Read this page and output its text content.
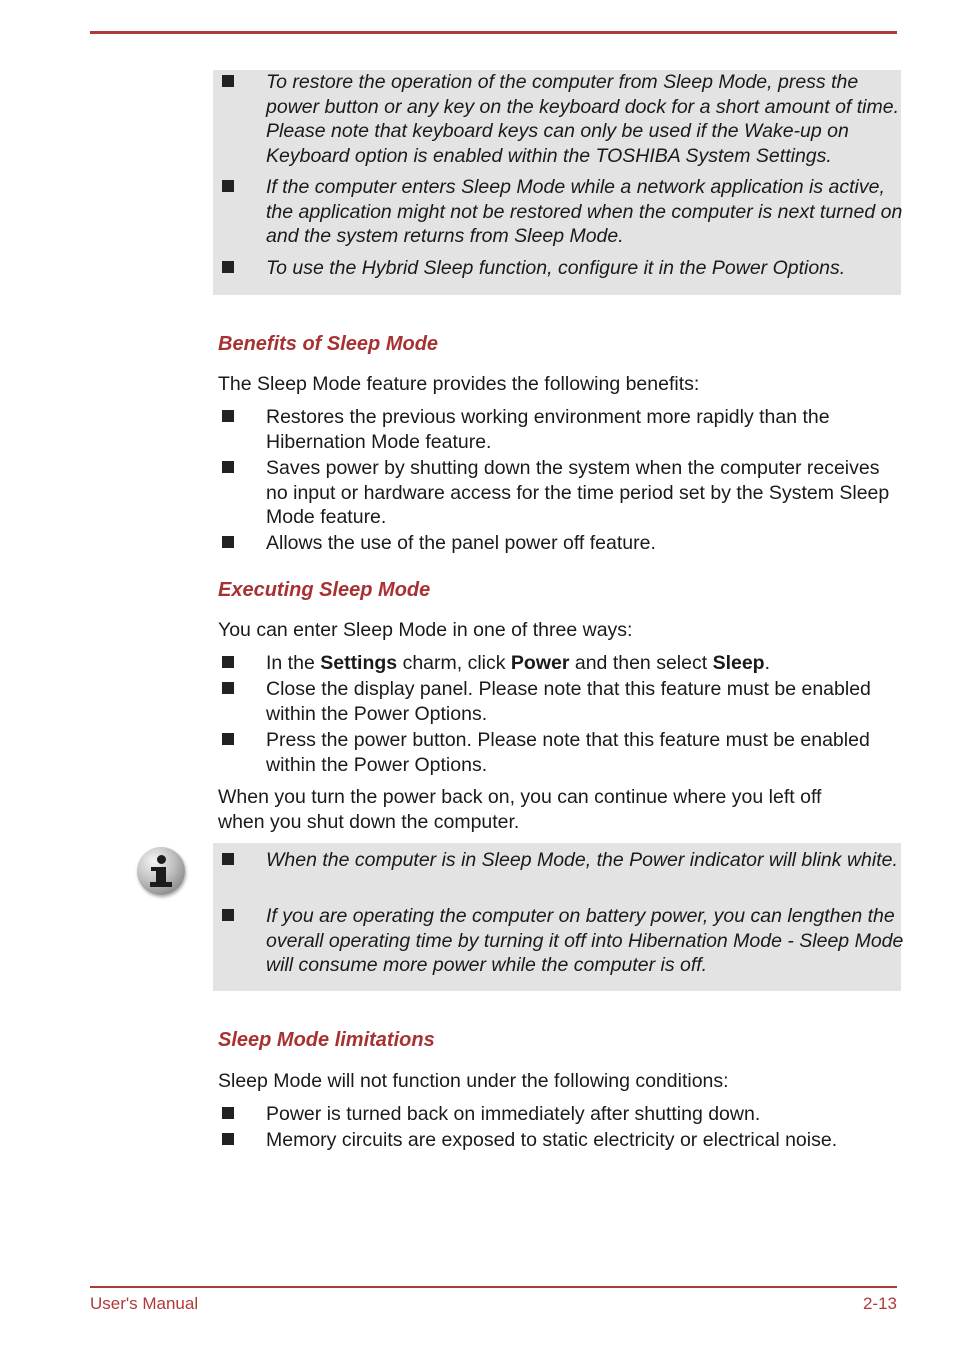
To restore the operation of the computer from Sleep Mode, press the power button or any key on the keyboard dock for a short amount of time. Please note that keyboard keys can only be used if the Wake-up on Keyboard option is enabled within the TOSHIBA System Settings.
If the computer enters Sleep Mode while a network application is active, the application might not be restored when the computer is next turned on and the system returns from Sleep Mode.
To use the Hybrid Sleep function, configure it in the Power Options.
Benefits of Sleep Mode
The Sleep Mode feature provides the following benefits:
Restores the previous working environment more rapidly than the Hibernation Mode feature.
Saves power by shutting down the system when the computer receives no input or hardware access for the time period set by the System Sleep Mode feature.
Allows the use of the panel power off feature.
Executing Sleep Mode
You can enter Sleep Mode in one of three ways:
In the Settings charm, click Power and then select Sleep.
Close the display panel. Please note that this feature must be enabled within the Power Options.
Press the power button. Please note that this feature must be enabled within the Power Options.
When you turn the power back on, you can continue where you left off when you shut down the computer.
When the computer is in Sleep Mode, the Power indicator will blink white.
If you are operating the computer on battery power, you can lengthen the overall operating time by turning it off into Hibernation Mode - Sleep Mode will consume more power while the computer is off.
Sleep Mode limitations
Sleep Mode will not function under the following conditions:
Power is turned back on immediately after shutting down.
Memory circuits are exposed to static electricity or electrical noise.
User's Manual	2-13
